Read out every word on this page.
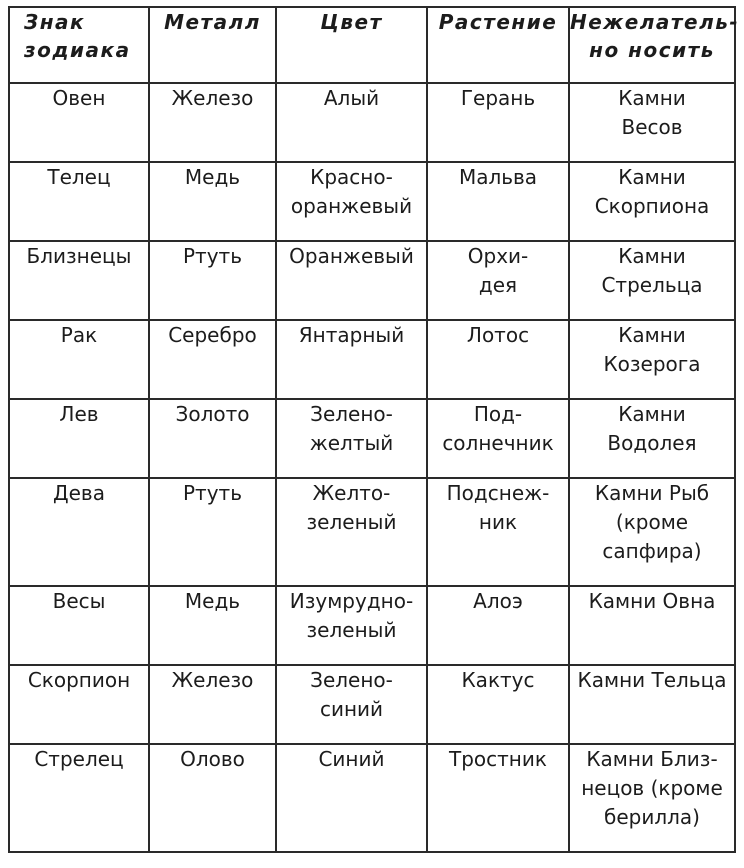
Знак
зодиака	Металл	Цвет	Растение	Нежелатель-
но носить

Овен	Железо	Алый	Герань	Камни
Весов

Телец	Медь	Красно-
оранжевый	Мальва	Камни
Скорпиона

Близнецы	Ртуть	Оранжевый	Орхи-
дея	Камни
Стрельца

Рак	Серебро	Янтарный	Лотос	Камни
Козерога

Лев	Золото	Зелено-
желтый	Под-
солнечник	Камни
Водолея

Дева	Ртуть	Желто-
зеленый	Подснеж-
ник	Камни Рыб
(кроме
сапфира)

Весы	Медь	Изумрудно-
зеленый	Алоэ	Камни Овна

Скорпион	Железо	Зелено-
синий	Кактус	Камни Тельца

Стрелец	Олово	Синий	Тростник	Камни Близ-
нецов (кроме
берилла)
